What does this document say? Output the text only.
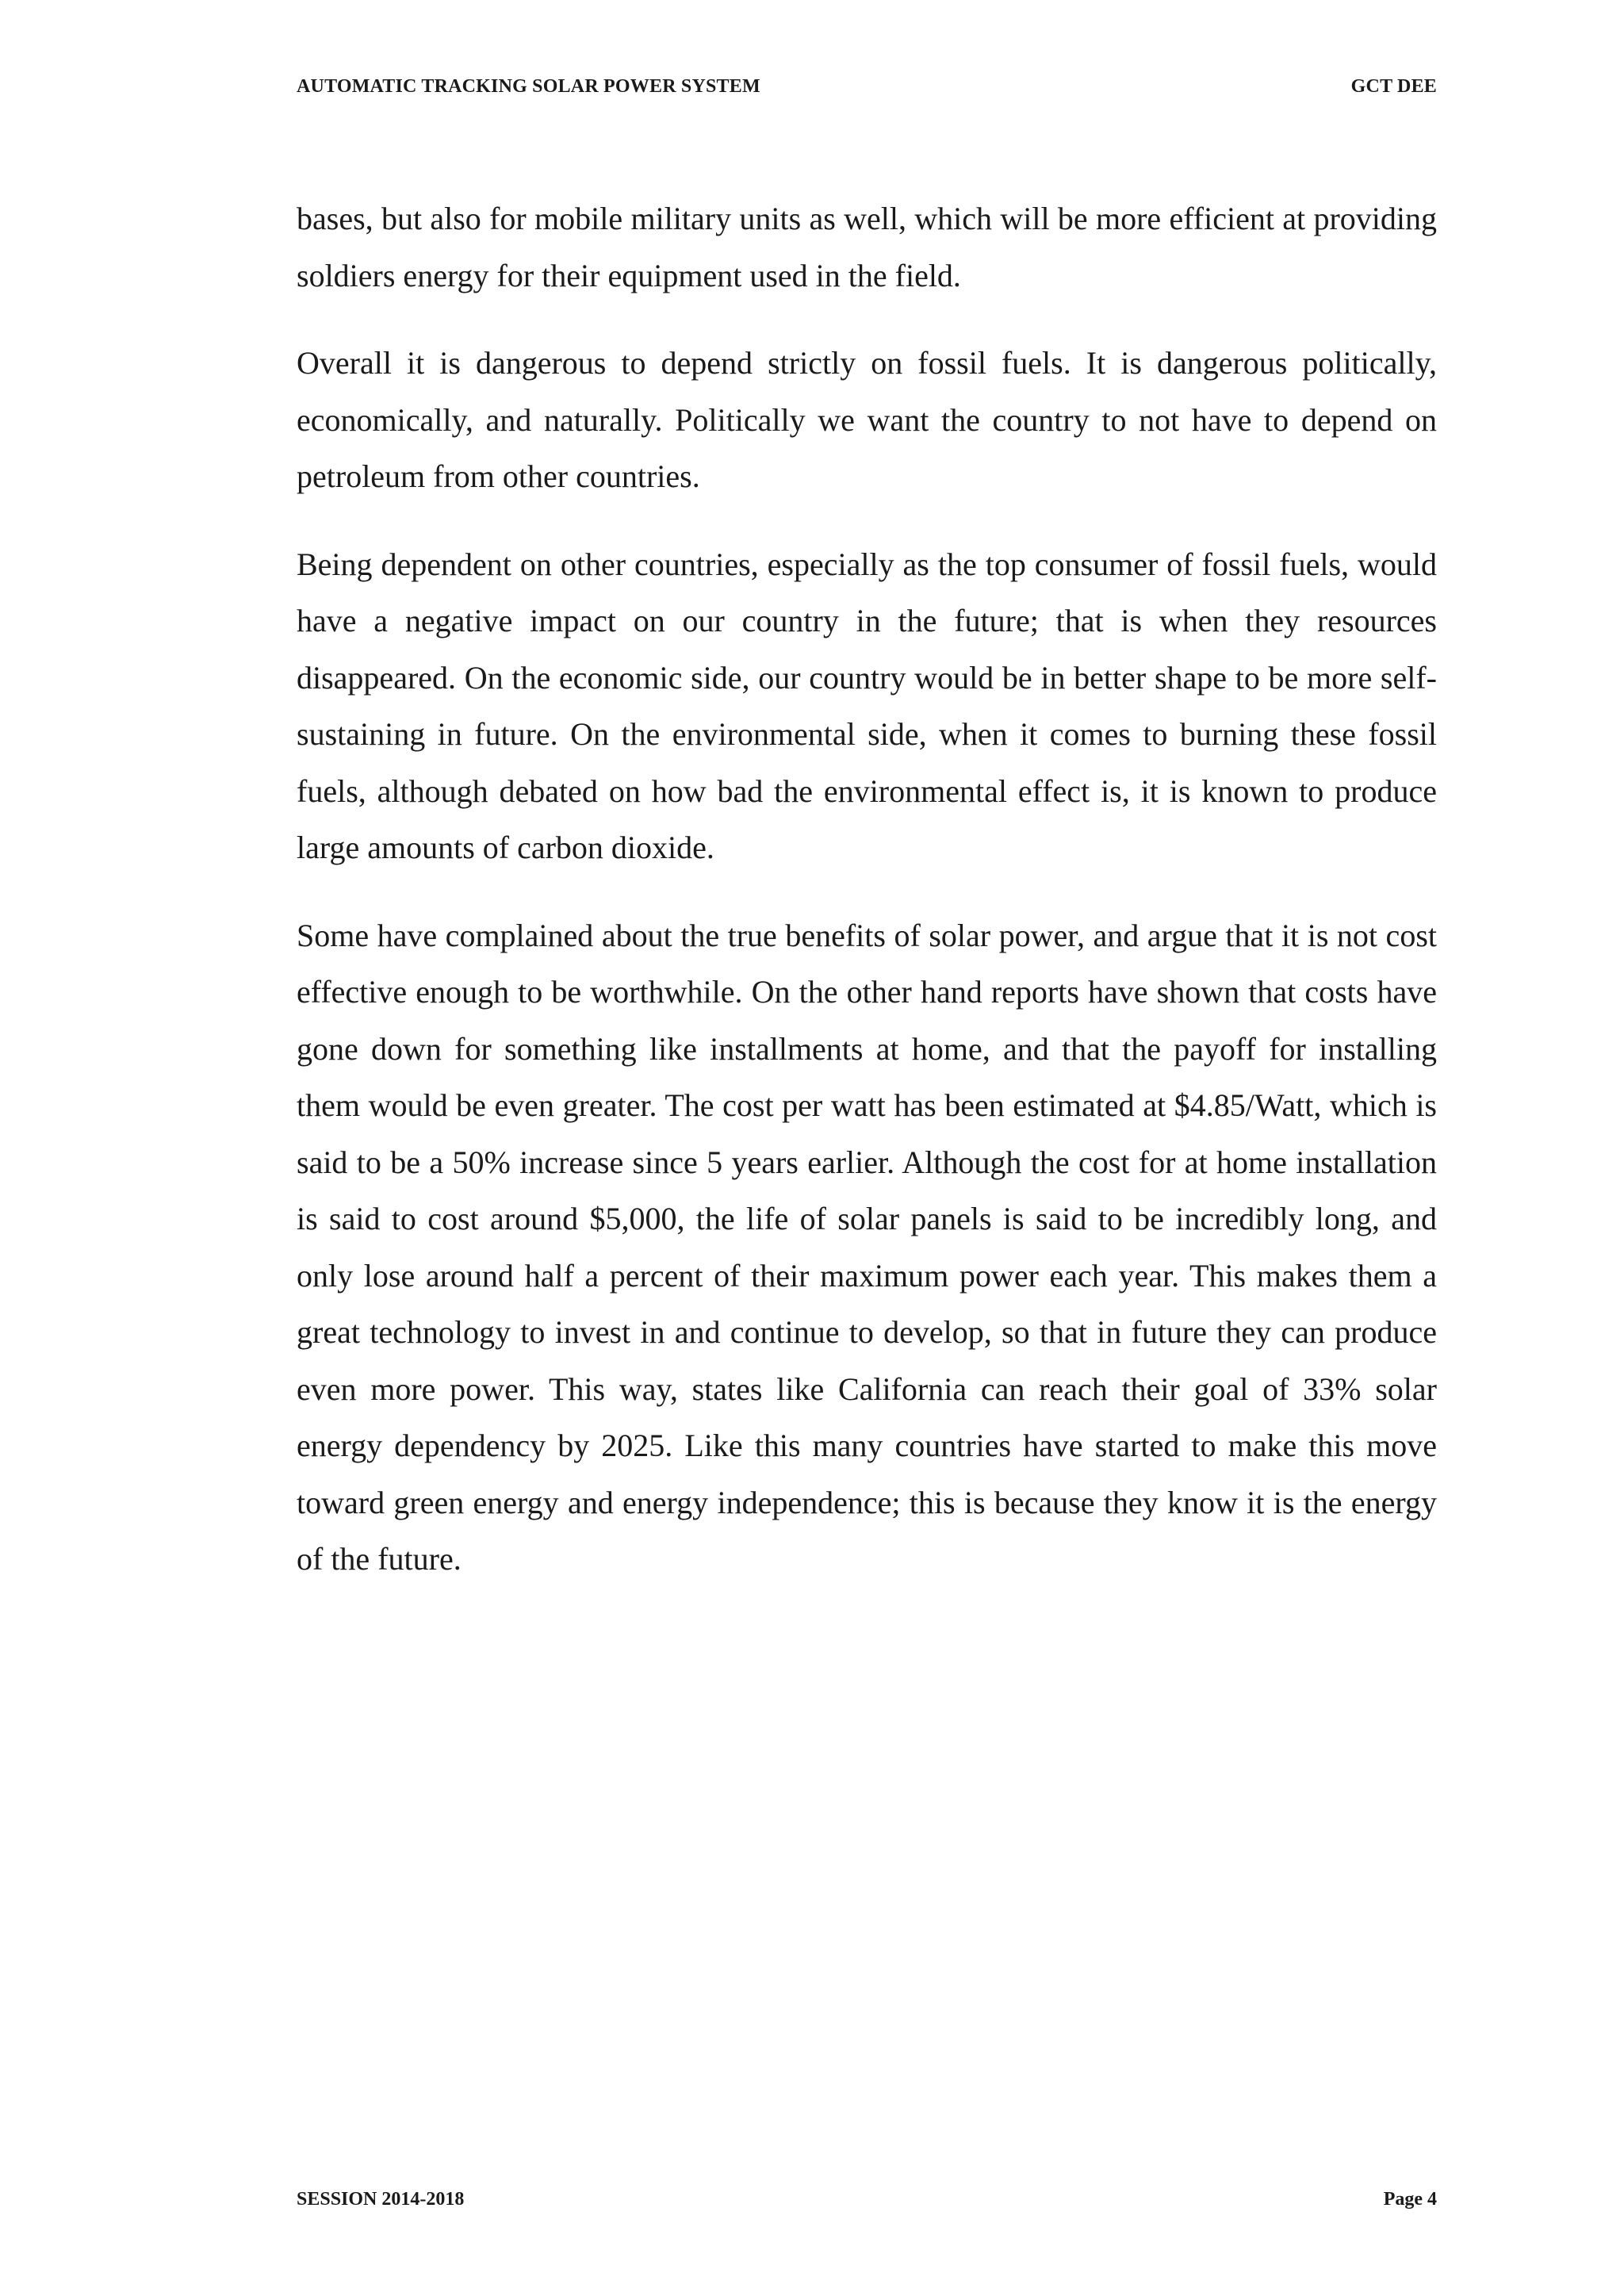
AUTOMATIC TRACKING SOLAR POWER SYSTEM	GCT DEE

bases, but also for mobile military units as well, which will be more efficient at providing soldiers energy for their equipment used in the field.

Overall it is dangerous to depend strictly on fossil fuels. It is dangerous politically, economically, and naturally. Politically we want the country to not have to depend on petroleum from other countries.

Being dependent on other countries, especially as the top consumer of fossil fuels, would have a negative impact on our country in the future; that is when they resources disappeared. On the economic side, our country would be in better shape to be more self-sustaining in future. On the environmental side, when it comes to burning these fossil fuels, although debated on how bad the environmental effect is, it is known to produce large amounts of carbon dioxide.

Some have complained about the true benefits of solar power, and argue that it is not cost effective enough to be worthwhile. On the other hand reports have shown that costs have gone down for something like installments at home, and that the payoff for installing them would be even greater. The cost per watt has been estimated at $4.85/Watt, which is said to be a 50% increase since 5 years earlier. Although the cost for at home installation is said to cost around $5,000, the life of solar panels is said to be incredibly long, and only lose around half a percent of their maximum power each year. This makes them a great technology to invest in and continue to develop, so that in future they can produce even more power. This way, states like California can reach their goal of 33% solar energy dependency by 2025. Like this many countries have started to make this move toward green energy and energy independence; this is because they know it is the energy of the future.

SESSION 2014-2018	Page 4
